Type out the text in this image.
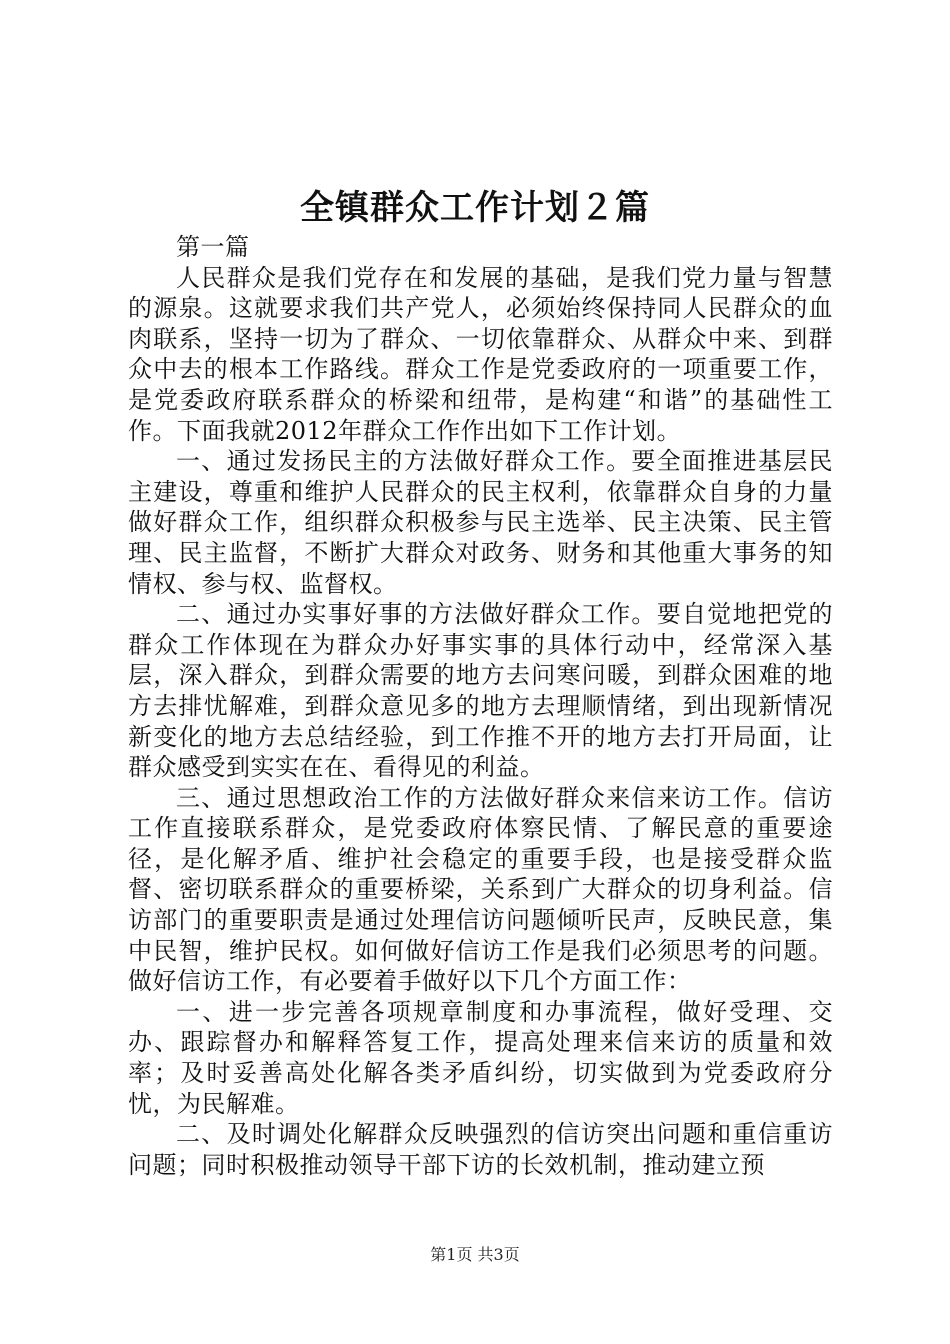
全镇群众工作计划２篇

第一篇

人民群众是我们党存在和发展的基础，是我们党力量与智慧的源泉。这就要求我们共产党人，必须始终保持同人民群众的血肉联系，坚持一切为了群众、一切依靠群众、从群众中来、到群众中去的根本工作路线。群众工作是党委政府的一项重要工作，是党委政府联系群众的桥梁和纽带，是构建“和谐”的基础性工作。下面我就2012年群众工作作出如下工作计划。

一、通过发扬民主的方法做好群众工作。要全面推进基层民主建设，尊重和维护人民群众的民主权利，依靠群众自身的力量做好群众工作，组织群众积极参与民主选举、民主决策、民主管理、民主监督，不断扩大群众对政务、财务和其他重大事务的知情权、参与权、监督权。

二、通过办实事好事的方法做好群众工作。要自觉地把党的群众工作体现在为群众办好事实事的具体行动中，经常深入基层，深入群众，到群众需要的地方去问寒问暖，到群众困难的地方去排忧解难，到群众意见多的地方去理顺情绪，到出现新情况新变化的地方去总结经验，到工作推不开的地方去打开局面，让群众感受到实实在在、看得见的利益。

三、通过思想政治工作的方法做好群众来信来访工作。信访工作直接联系群众，是党委政府体察民情、了解民意的重要途径，是化解矛盾、维护社会稳定的重要手段，也是接受群众监督、密切联系群众的重要桥梁，关系到广大群众的切身利益。信访部门的重要职责是通过处理信访问题倾听民声，反映民意，集中民智，维护民权。如何做好信访工作是我们必须思考的问题。做好信访工作，有必要着手做好以下几个方面工作：

一、进一步完善各项规章制度和办事流程，做好受理、交办、跟踪督办和解释答复工作，提高处理来信来访的质量和效率；及时妥善高处化解各类矛盾纠纷，切实做到为党委政府分忧，为民解难。

二、及时调处化解群众反映强烈的信访突出问题和重信重访问题；同时积极推动领导干部下访的长效机制，推动建立预

第1页 共3页
